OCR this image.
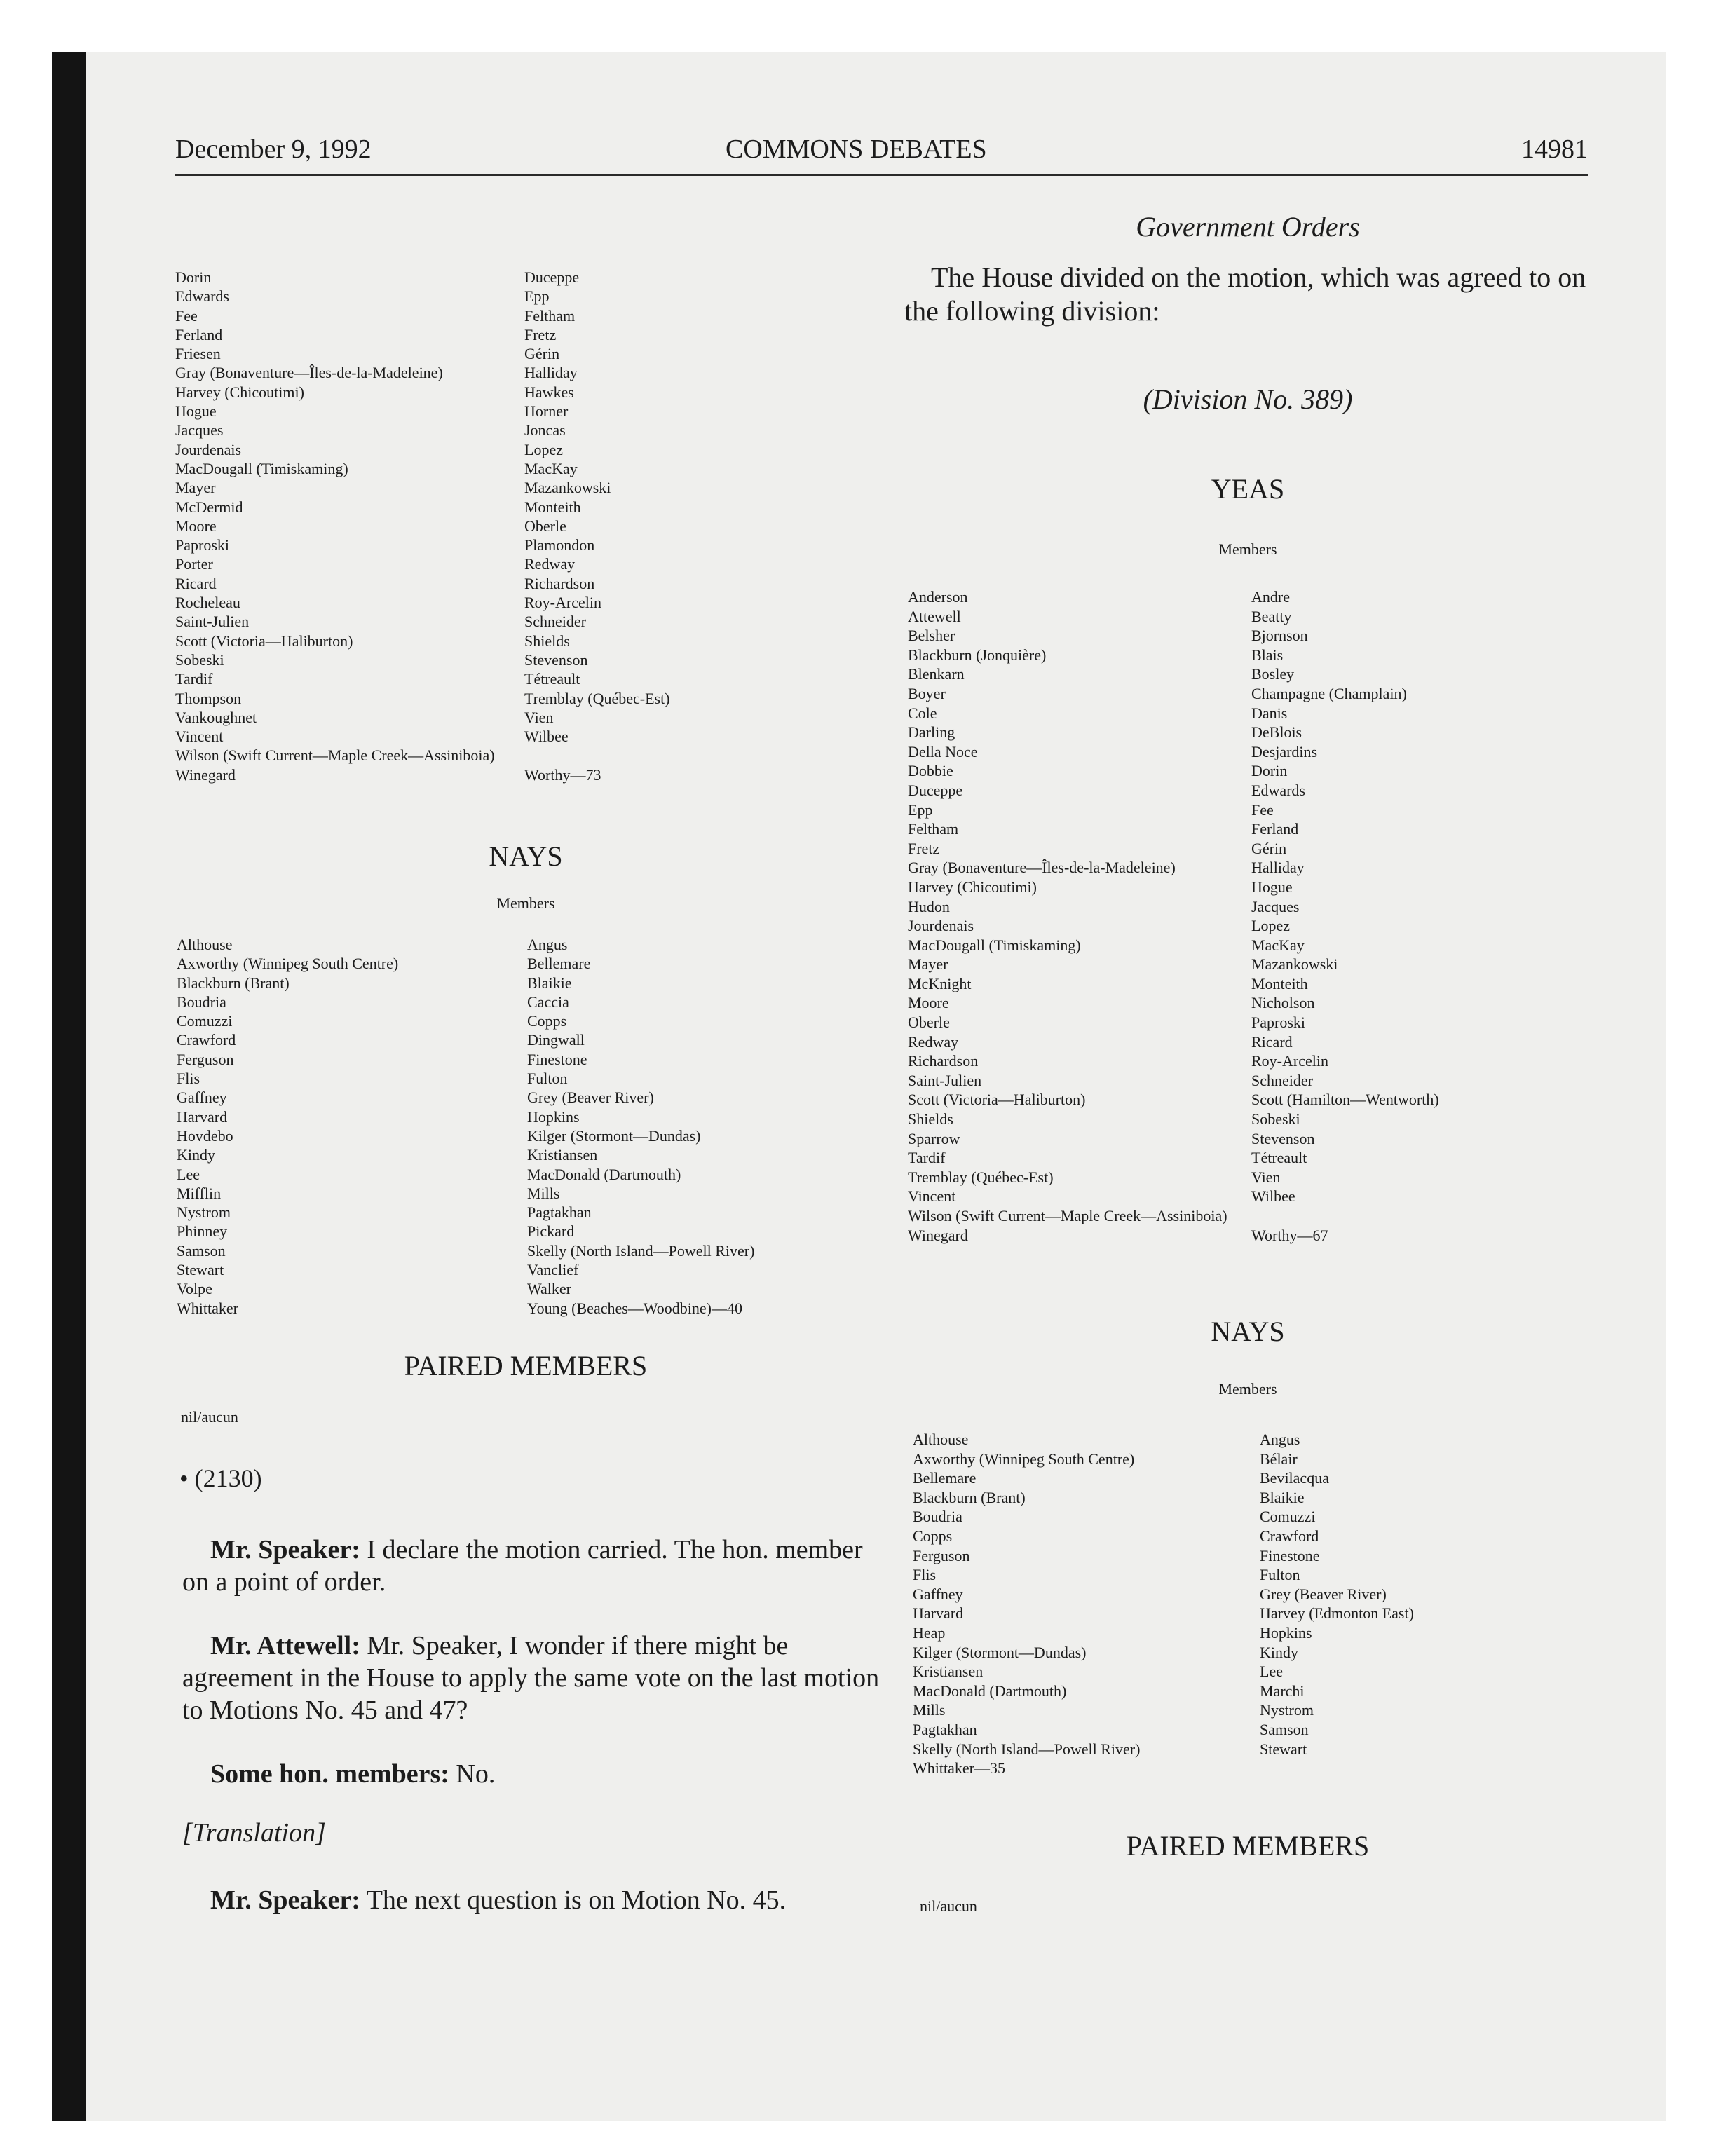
December 9, 1992	COMMONS DEBATES	14981
Dorin
Edwards
Fee
Ferland
Friesen
Gray (Bonaventure—Îles-de-la-Madeleine)
Harvey (Chicoutimi)
Hogue
Jacques
Jourdenais
MacDougall (Timiskaming)
Mayer
McDermid
Moore
Paproski
Porter
Ricard
Rocheleau
Saint-Julien
Scott (Victoria—Haliburton)
Sobeski
Tardif
Thompson
Vankoughnet
Vincent
Wilson (Swift Current—Maple Creek—Assiniboia)
Winegard
Duceppe
Epp
Feltham
Fretz
Gérin
Halliday
Hawkes
Horner
Joncas
Lopez
MacKay
Mazankowski
Monteith
Oberle
Plamondon
Redway
Richardson
Roy-Arcelin
Schneider
Shields
Stevenson
Tétreault
Tremblay (Québec-Est)
Vien
Wilbee
Worthy—73
NAYS
Members
Althouse
Axworthy (Winnipeg South Centre)
Blackburn (Brant)
Boudria
Comuzzi
Crawford
Ferguson
Flis
Gaffney
Harvard
Hovdebo
Kindy
Lee
Mifflin
Nystrom
Phinney
Samson
Stewart
Volpe
Whittaker
Angus
Bellemare
Blaikie
Caccia
Copps
Dingwall
Finestone
Fulton
Grey (Beaver River)
Hopkins
Kilger (Stormont—Dundas)
Kristiansen
MacDonald (Dartmouth)
Mills
Pagtakhan
Pickard
Skelly (North Island—Powell River)
Vanclief
Walker
Young (Beaches—Woodbine)—40
PAIRED MEMBERS
nil/aucun
• (2130)
Mr. Speaker: I declare the motion carried. The hon. member on a point of order.
Mr. Attewell: Mr. Speaker, I wonder if there might be agreement in the House to apply the same vote on the last motion to Motions No. 45 and 47?
Some hon. members: No.
[Translation]
Mr. Speaker: The next question is on Motion No. 45.
Government Orders
The House divided on the motion, which was agreed to on the following division:
(Division No. 389)
YEAS
Members
Anderson
Attewell
Belsher
Blackburn (Jonquière)
Blenkarn
Boyer
Cole
Darling
Della Noce
Dobbie
Duceppe
Epp
Feltham
Fretz
Gray (Bonaventure—Îles-de-la-Madeleine)
Harvey (Chicoutimi)
Hudon
Jourdenais
MacDougall (Timiskaming)
Mayer
McKnight
Moore
Oberle
Redway
Richardson
Saint-Julien
Scott (Victoria—Haliburton)
Shields
Sparrow
Tardif
Tremblay (Québec-Est)
Vincent
Wilson (Swift Current—Maple Creek—Assiniboia)
Winegard
Andre
Beatty
Bjornson
Blais
Bosley
Champagne (Champlain)
Danis
DeBlois
Desjardins
Dorin
Edwards
Fee
Ferland
Gérin
Halliday
Hogue
Jacques
Lopez
MacKay
Mazankowski
Monteith
Nicholson
Paproski
Ricard
Roy-Arcelin
Schneider
Scott (Hamilton—Wentworth)
Sobeski
Stevenson
Tétreault
Vien
Wilbee
Worthy—67
NAYS
Members
Althouse
Axworthy (Winnipeg South Centre)
Bellemare
Blackburn (Brant)
Boudria
Copps
Ferguson
Flis
Gaffney
Harvard
Heap
Kilger (Stormont—Dundas)
Kristiansen
MacDonald (Dartmouth)
Mills
Pagtakhan
Skelly (North Island—Powell River)
Whittaker—35
Angus
Bélair
Bevilacqua
Blaikie
Comuzzi
Crawford
Finestone
Fulton
Grey (Beaver River)
Harvey (Edmonton East)
Hopkins
Kindy
Lee
Marchi
Nystrom
Samson
Stewart
PAIRED MEMBERS
nil/aucun
